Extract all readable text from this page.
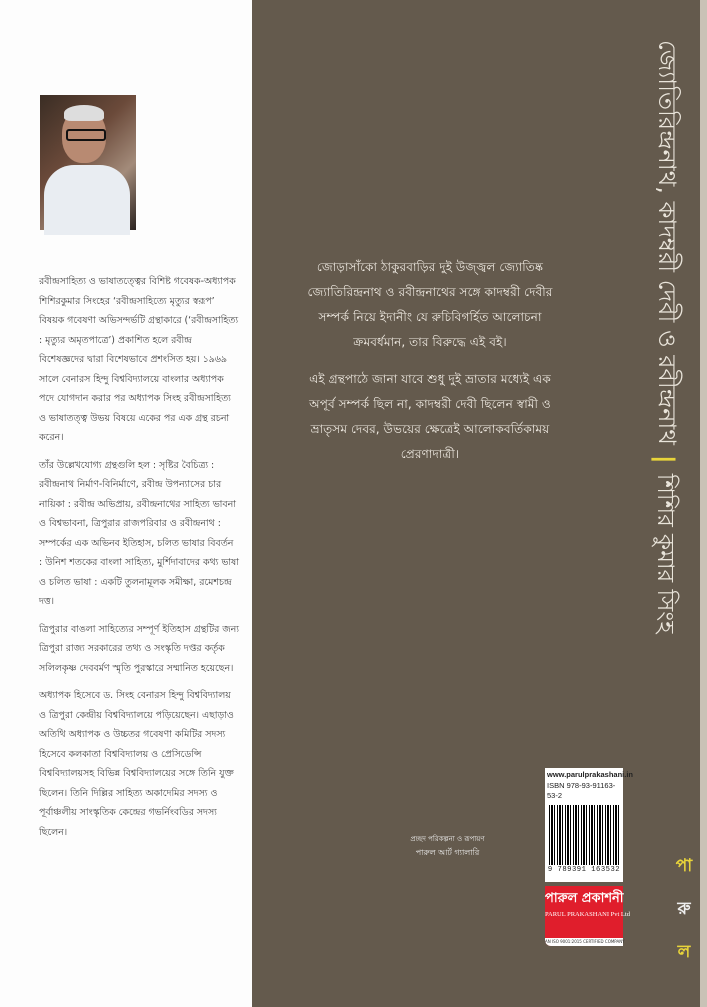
রবীন্দ্রসাহিত্য ও ভাষাতত্ত্বের বিশিষ্ট গবেষক-অধ্যাপক শিশিরকুমার সিংহের ‘রবীন্দ্রসাহিত্যে মৃত্যুর স্বরূপ’ বিষয়ক গবেষণা অভিসন্দর্ভটি গ্রন্থাকারে (‘রবীন্দ্রসাহিত্য : মৃত্যুর অমৃতপাত্রে’) প্রকাশিত হলে রবীন্দ্র বিশেষজ্ঞদের দ্বারা বিশেষভাবে প্রশংসিত হয়। ১৯৬৯ সালে বেনারস হিন্দু বিশ্ববিদ্যালয়ে বাংলার অধ্যাপক পদে যোগদান করার পর অধ্যাপক সিংহ রবীন্দ্রসাহিত্য ও ভাষাতত্ত্ব উভয় বিষয়ে একের পর এক গ্রন্থ রচনা করেন।

তাঁর উল্লেখযোগ্য গ্রন্থগুলি হল : সৃষ্টির বৈচিত্র্য : রবীন্দ্রনাথ নির্মাণ-বিনির্মাণে, রবীন্দ্র উপন্যাসের চার নায়িকা : রবীন্দ্র অভিপ্রায়, রবীন্দ্রনাথের সাহিত্য ভাবনা ও বিশ্বভাবনা, ত্রিপুরার রাজপরিবার ও রবীন্দ্রনাথ : সম্পর্কের এক অভিনব ইতিহাস, চলিত ভাষার বিবর্তন : উনিশ শতকের বাংলা সাহিত্য, মুর্শিদাবাদের কথ্য ভাষা ও চলিত ভাষা : একটি তুলনামূলক সমীক্ষা, রমেশচন্দ্র দত্ত।

ত্রিপুরার বাঙলা সাহিত্যের সম্পূর্ণ ইতিহাস গ্রন্থটির জন্য ত্রিপুরা রাজ্য সরকারের তথ্য ও সংস্কৃতি দপ্তর কর্তৃক সলিলকৃষ্ণ দেববর্মণ স্মৃতি পুরস্কারে সম্মানিত হয়েছেন।

অধ্যাপক হিসেবে ড. সিংহ বেনারস হিন্দু বিশ্ববিদ্যালয় ও ত্রিপুরা কেন্দ্রীয় বিশ্ববিদ্যালয়ে পড়িয়েছেন। এছাড়াও অতিথি অধ্যাপক ও উচ্চতর গবেষণা কমিটির সদস্য হিসেবে কলকাতা বিশ্ববিদ্যালয় ও প্রেসিডেন্সি বিশ্ববিদ্যালয়সহ বিভিন্ন বিশ্ববিদ্যালয়ের সঙ্গে তিনি যুক্ত ছিলেন। তিনি দিল্লির সাহিত্য অকাদেমির সদস্য ও পূর্বাঞ্চলীয় সাংস্কৃতিক কেন্দ্রের গভর্নিংবডির সদস্য ছিলেন।

জোড়াসাঁকো ঠাকুরবাড়ির দুই উজ্জ্বল জ্যোতিষ্ক জ্যোতিরিন্দ্রনাথ ও রবীন্দ্রনাথের সঙ্গে কাদম্বরী দেবীর সম্পর্ক নিয়ে ইদানীং যে রুচিবিগর্হিত আলোচনা ক্রমবর্ধমান, তার বিরুদ্ধে এই বই।

এই গ্রন্থপাঠে জানা যাবে শুধু দুই ভ্রাতার মধ্যেই এক অপূর্ব সম্পর্ক ছিল না, কাদম্বরী দেবী ছিলেন স্বামী ও ভ্রাতৃসম দেবর, উভয়ের ক্ষেত্রেই আলোকবর্তিকাময় প্রেরণাদাত্রী।

প্রচ্ছদ পরিকল্পনা ও রূপায়ণ
পারুল আর্ট গ্যালারি
www.parulprakashani.in
ISBN 978-93-91163-53-2
9 789391 163532
পারুল প্রকাশনী
PARUL PRAKASHANI Pvt Ltd
AN ISO 9001:2015 CERTIFIED COMPANY
জ্যোতিরিন্দ্রনাথ, কাদম্বরী দেবী ও রবীন্দ্রনাথ
|
শিশির কুমার সিংহ
পা
রু
ল
